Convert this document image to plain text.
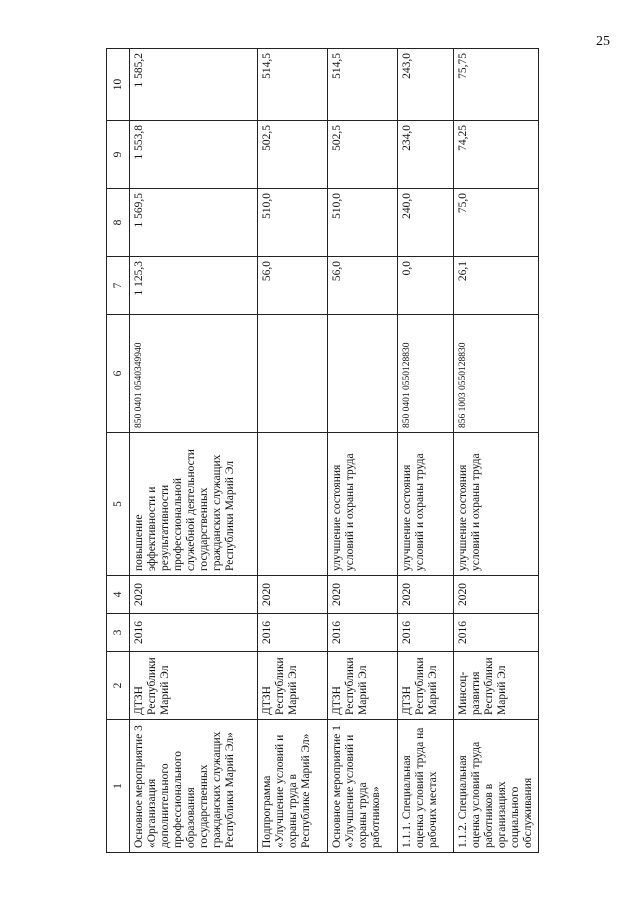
25
1	2	3	4	5	6	7	8	9	10
Основное мероприятие 3 «Организация дополнительного профессионального образования государственных гражданских служащих Республики Марий Эл»	ДТЗН Республики Марий Эл	2016	2020	повышение эффективности и результативности профессиональной служебной деятельности государственных гражданских служащих Республики Марий Эл	850 0401 0540349940	1 125,3	1 569,5	1 553,8	1 585,2
Подпрограмма «Улучшение условий и охраны труда в Республике Марий Эл»	ДТЗН Республики Марий Эл	2016	2020			56,0	510,0	502,5	514,5
Основное мероприятие 1 «Улучшение условий и охраны труда работников»	ДТЗН Республики Марий Эл	2016	2020	улучшение состояния условий и охраны труда		56,0	510,0	502,5	514,5
1.1.1. Специальная оценка условий труда на рабочих местах	ДТЗН Республики Марий Эл	2016	2020	улучшение состояния условий и охраны труда	850 0401 0550128830	0,0	240,0	234,0	243,0
1.1.2. Специальная оценка условий труда работников в организациях социального обслуживания	Минсоц-развития Республики Марий Эл	2016	2020	улучшение состояния условий и охраны труда	856 1003 0550128830	26,1	75,0	74,25	75,75
